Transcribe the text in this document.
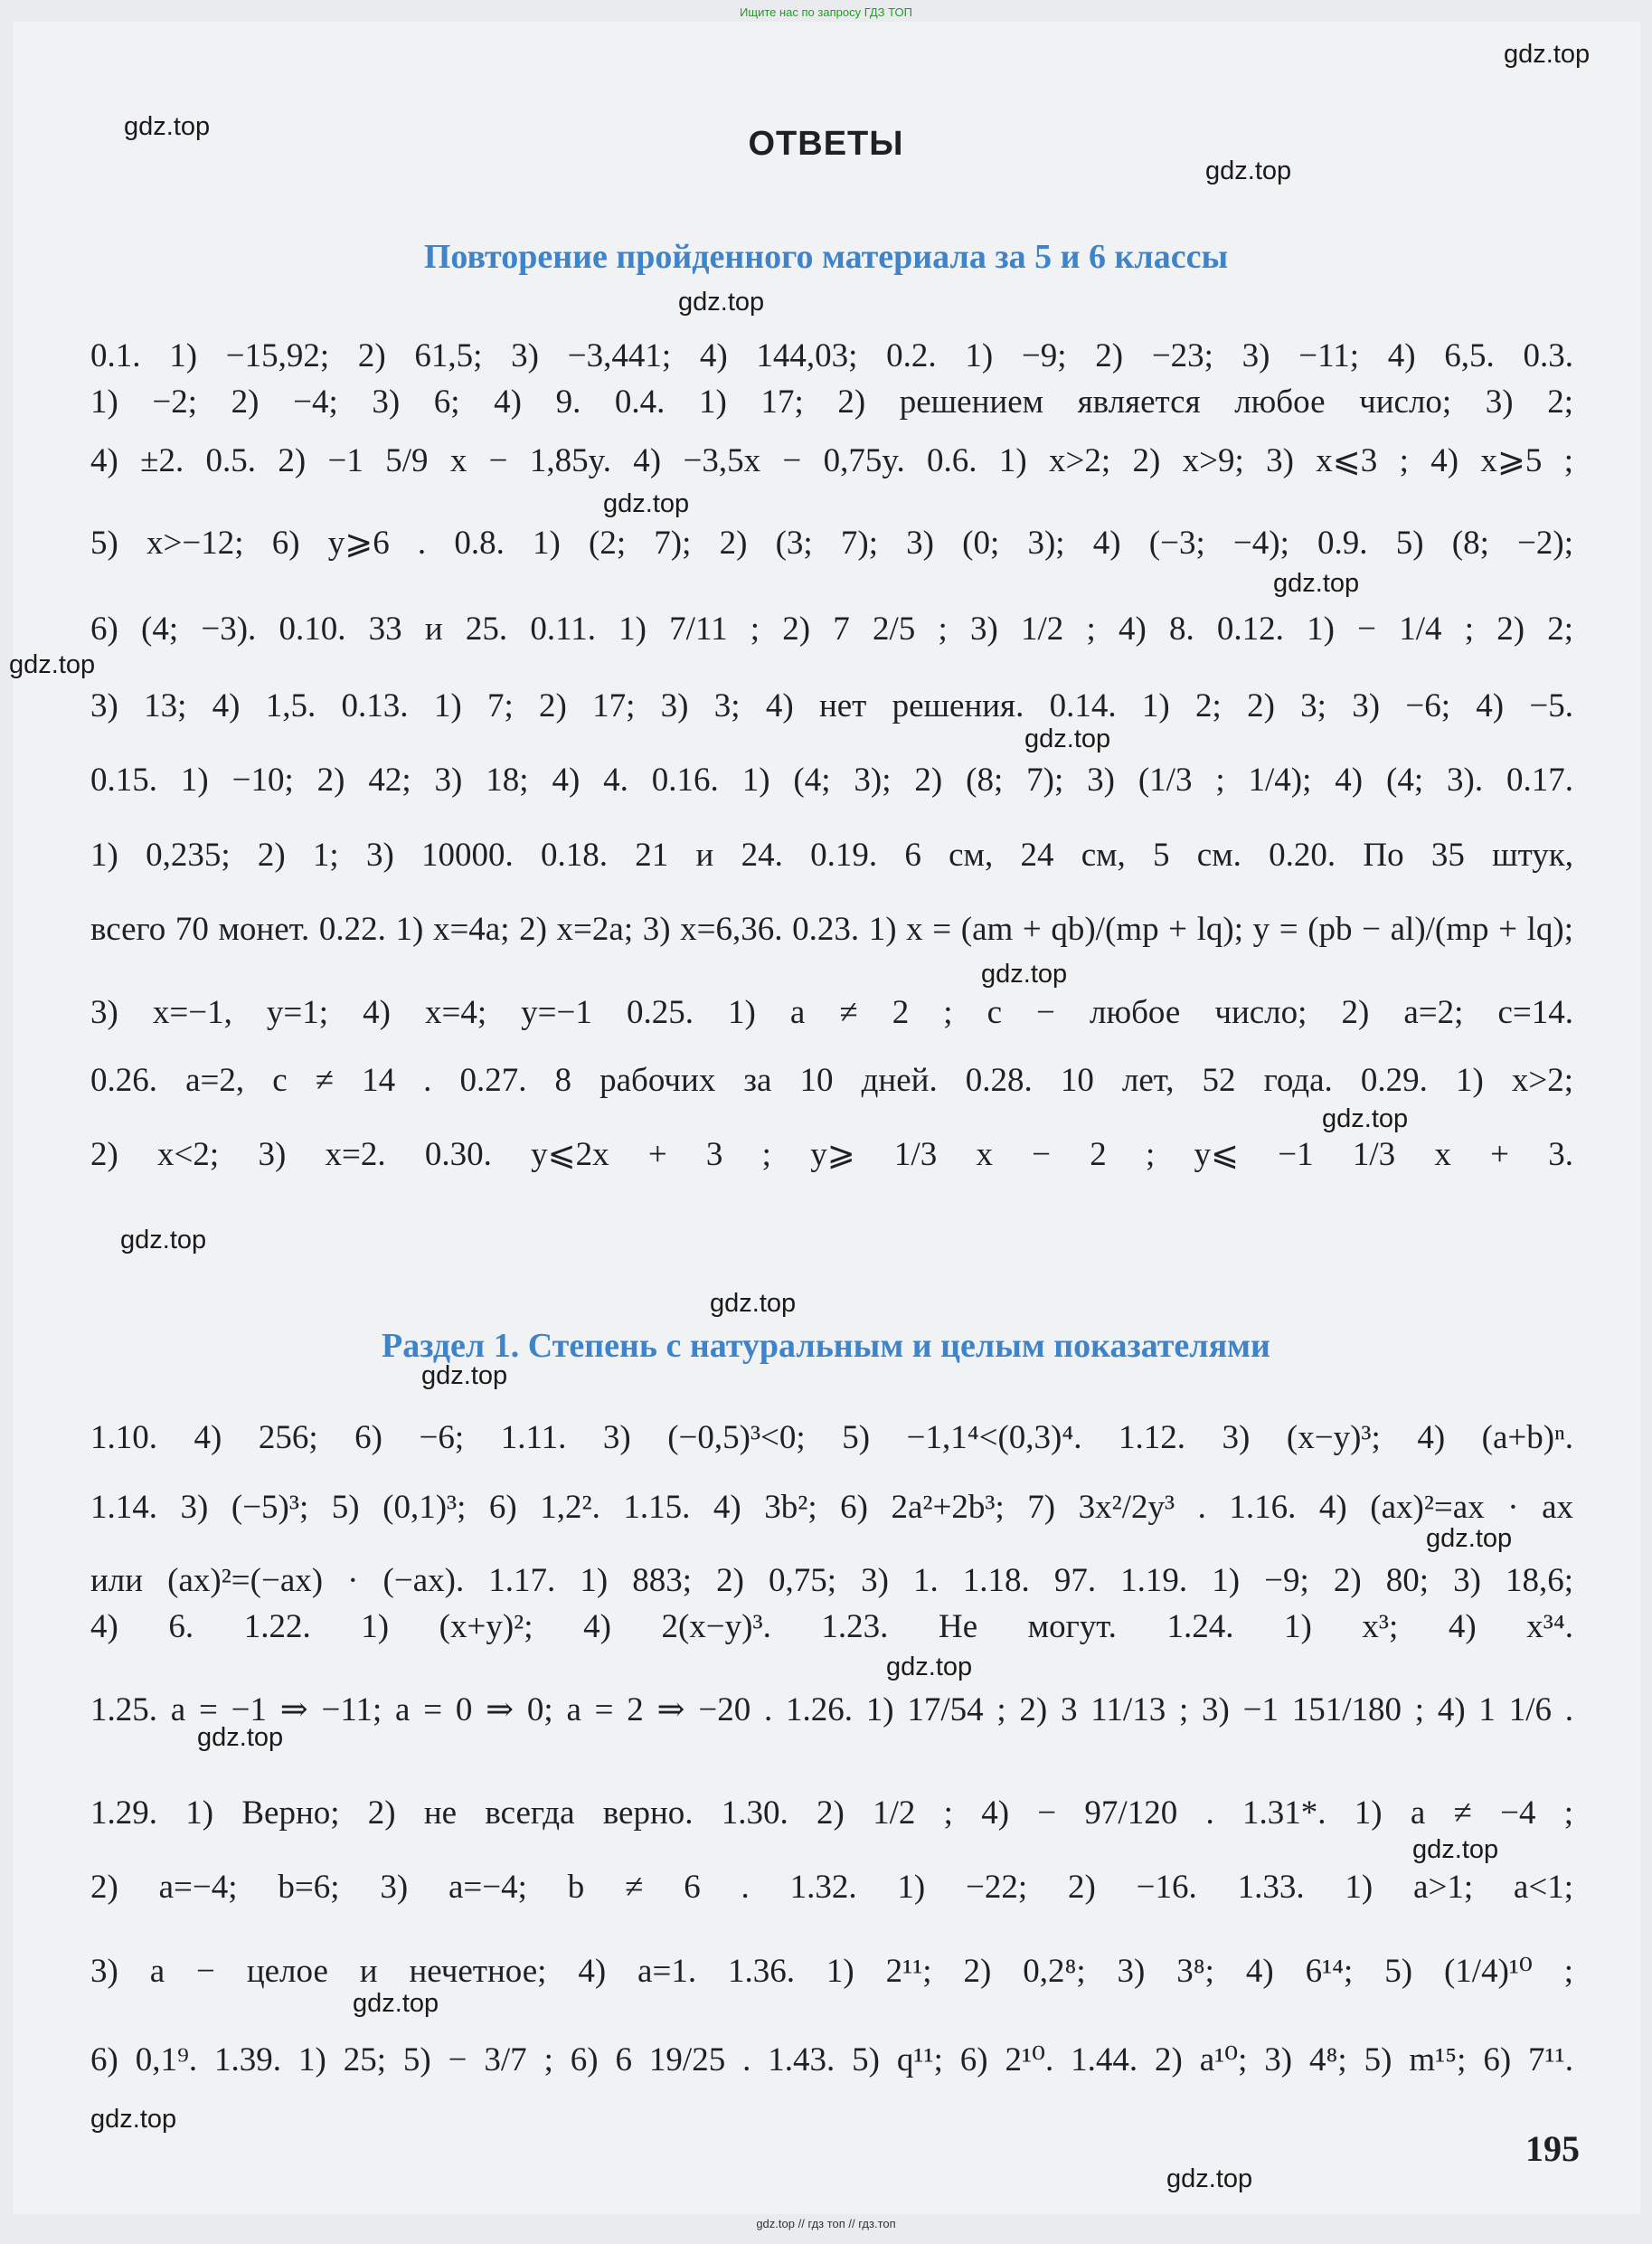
Ищите нас по запросу ГДЗ ТОП
gdz.top
gdz.top
gdz.top
gdz.top
gdz.top
gdz.top
gdz.top
gdz.top
gdz.top
gdz.top
gdz.top
gdz.top
gdz.top
gdz.top
gdz.top
gdz.top
gdz.top
gdz.top
gdz.top
gdz.top
ОТВЕТЫ
Повторение пройденного материала за 5 и 6 классы
0.1. 1) −15,92; 2) 61,5; 3) −3,441; 4) 144,03; 0.2. 1) −9; 2) −23; 3) −11; 4) 6,5. 0.3.
1) −2; 2) −4; 3) 6; 4) 9. 0.4. 1) 17; 2) решением является любое число; 3) 2;
4) ±2. 0.5. 2) −1 5/9 x − 1,85y. 4) −3,5x − 0,75y. 0.6. 1) x>2; 2) x>9; 3) x⩽3 ; 4) x⩾5 ;
5) x>−12; 6) y⩾6 . 0.8. 1) (2; 7); 2) (3; 7); 3) (0; 3); 4) (−3; −4); 0.9. 5) (8; −2);
6) (4; −3). 0.10. 33 и 25. 0.11. 1) 7/11 ; 2) 7 2/5 ; 3) 1/2 ; 4) 8. 0.12. 1) − 1/4 ; 2) 2;
3) 13; 4) 1,5. 0.13. 1) 7; 2) 17; 3) 3; 4) нет решения. 0.14. 1) 2; 2) 3; 3) −6; 4) −5.
0.15. 1) −10; 2) 42; 3) 18; 4) 4. 0.16. 1) (4; 3); 2) (8; 7); 3) (1/3 ; 1/4); 4) (4; 3). 0.17.
1) 0,235; 2) 1; 3) 10000. 0.18. 21 и 24. 0.19. 6 см, 24 см, 5 см. 0.20. По 35 штук,
всего 70 монет. 0.22. 1) x=4a; 2) x=2a; 3) x=6,36. 0.23. 1) x = (am + qb)/(mp + lq); y = (pb − al)/(mp + lq);
3) x=−1, y=1; 4) x=4; y=−1 0.25. 1) a ≠ 2 ; c − любое число; 2) a=2; c=14.
0.26. a=2, c ≠ 14 . 0.27. 8 рабочих за 10 дней. 0.28. 10 лет, 52 года. 0.29. 1) x>2;
2) x<2; 3) x=2. 0.30. y⩽2x + 3 ; y⩾ 1/3 x − 2 ; y⩽ −1 1/3 x + 3.
Раздел 1. Степень с натуральным и целым показателями
1.10. 4) 256; 6) −6; 1.11. 3) (−0,5)³<0; 5) −1,1⁴<(0,3)⁴. 1.12. 3) (x−y)³; 4) (a+b)ⁿ.
1.14. 3) (−5)³; 5) (0,1)³; 6) 1,2². 1.15. 4) 3b²; 6) 2a²+2b³; 7) 3x²/2y³ . 1.16. 4) (ax)²=ax · ax
или (ax)²=(−ax) · (−ax). 1.17. 1) 883; 2) 0,75; 3) 1. 1.18. 97. 1.19. 1) −9; 2) 80; 3) 18,6;
4) 6. 1.22. 1) (x+y)²; 4) 2(x−y)³. 1.23. Не могут. 1.24. 1) x³; 4) x³⁴.
1.25. a = −1 ⇒ −11; a = 0 ⇒ 0; a = 2 ⇒ −20 . 1.26. 1) 17/54 ; 2) 3 11/13 ; 3) −1 151/180 ; 4) 1 1/6 .
1.29. 1) Верно; 2) не всегда верно. 1.30. 2) 1/2 ; 4) − 97/120 . 1.31*. 1) a ≠ −4 ;
2) a=−4; b=6; 3) a=−4; b ≠ 6 . 1.32. 1) −22; 2) −16. 1.33. 1) a>1; a<1;
3) a − целое и нечетное; 4) a=1. 1.36. 1) 2¹¹; 2) 0,2⁸; 3) 3⁸; 4) 6¹⁴; 5) (1/4)¹⁰ ;
6) 0,1⁹. 1.39. 1) 25; 5) − 3/7 ; 6) 6 19/25 . 1.43. 5) q¹¹; 6) 2¹⁰. 1.44. 2) a¹⁰; 3) 4⁸; 5) m¹⁵; 6) 7¹¹.
195
gdz.top // гдз топ // гдз.топ
